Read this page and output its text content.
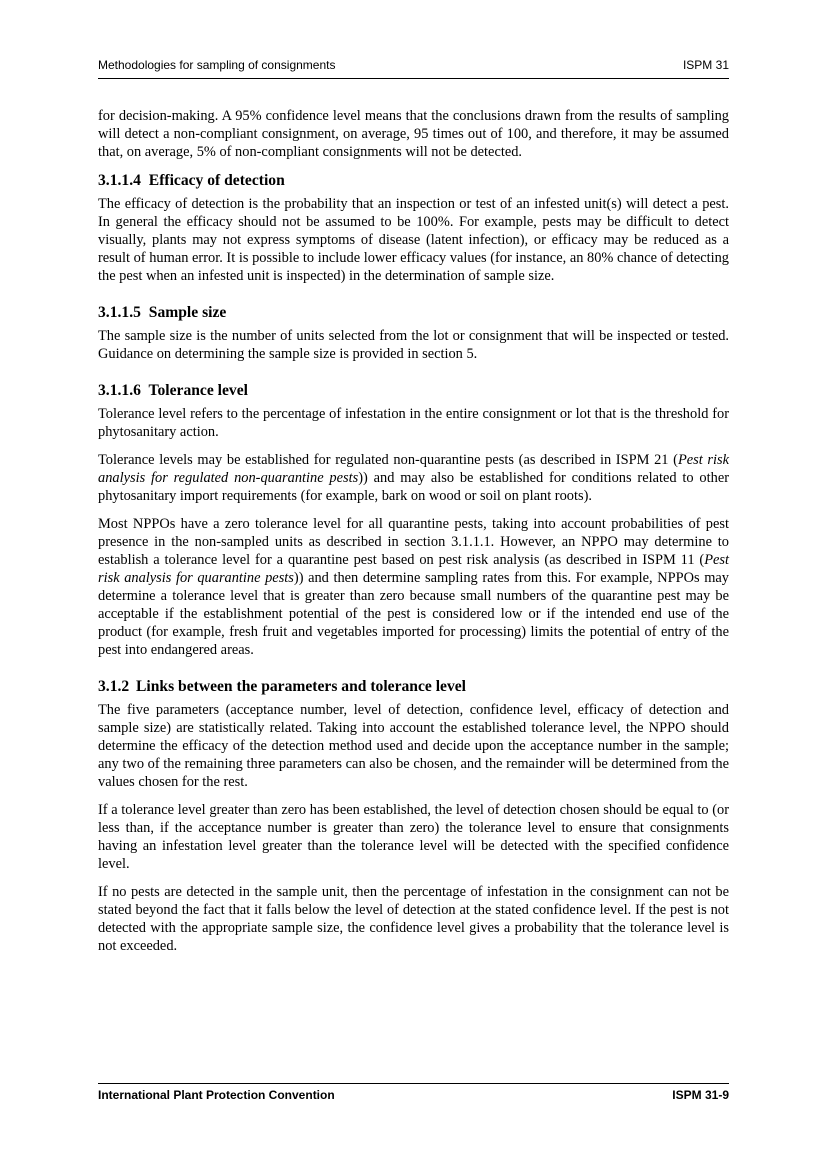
Methodologies for sampling of consignments	ISPM 31

for decision-making. A 95% confidence level means that the conclusions drawn from the results of sampling will detect a non-compliant consignment, on average, 95 times out of 100, and therefore, it may be assumed that, on average, 5% of non-compliant consignments will not be detected.

3.1.1.4 Efficacy of detection

The efficacy of detection is the probability that an inspection or test of an infested unit(s) will detect a pest. In general the efficacy should not be assumed to be 100%. For example, pests may be difficult to detect visually, plants may not express symptoms of disease (latent infection), or efficacy may be reduced as a result of human error. It is possible to include lower efficacy values (for instance, an 80% chance of detecting the pest when an infested unit is inspected) in the determination of sample size.

3.1.1.5 Sample size

The sample size is the number of units selected from the lot or consignment that will be inspected or tested. Guidance on determining the sample size is provided in section 5.

3.1.1.6 Tolerance level

Tolerance level refers to the percentage of infestation in the entire consignment or lot that is the threshold for phytosanitary action.

Tolerance levels may be established for regulated non-quarantine pests (as described in ISPM 21 (Pest risk analysis for regulated non-quarantine pests)) and may also be established for conditions related to other phytosanitary import requirements (for example, bark on wood or soil on plant roots).

Most NPPOs have a zero tolerance level for all quarantine pests, taking into account probabilities of pest presence in the non-sampled units as described in section 3.1.1.1. However, an NPPO may determine to establish a tolerance level for a quarantine pest based on pest risk analysis (as described in ISPM 11 (Pest risk analysis for quarantine pests)) and then determine sampling rates from this. For example, NPPOs may determine a tolerance level that is greater than zero because small numbers of the quarantine pest may be acceptable if the establishment potential of the pest is considered low or if the intended end use of the product (for example, fresh fruit and vegetables imported for processing) limits the potential of entry of the pest into endangered areas.

3.1.2 Links between the parameters and tolerance level

The five parameters (acceptance number, level of detection, confidence level, efficacy of detection and sample size) are statistically related. Taking into account the established tolerance level, the NPPO should determine the efficacy of the detection method used and decide upon the acceptance number in the sample; any two of the remaining three parameters can also be chosen, and the remainder will be determined from the values chosen for the rest.

If a tolerance level greater than zero has been established, the level of detection chosen should be equal to (or less than, if the acceptance number is greater than zero) the tolerance level to ensure that consignments having an infestation level greater than the tolerance level will be detected with the specified confidence level.

If no pests are detected in the sample unit, then the percentage of infestation in the consignment can not be stated beyond the fact that it falls below the level of detection at the stated confidence level. If the pest is not detected with the appropriate sample size, the confidence level gives a probability that the tolerance level is not exceeded.

International Plant Protection Convention	ISPM 31-9
